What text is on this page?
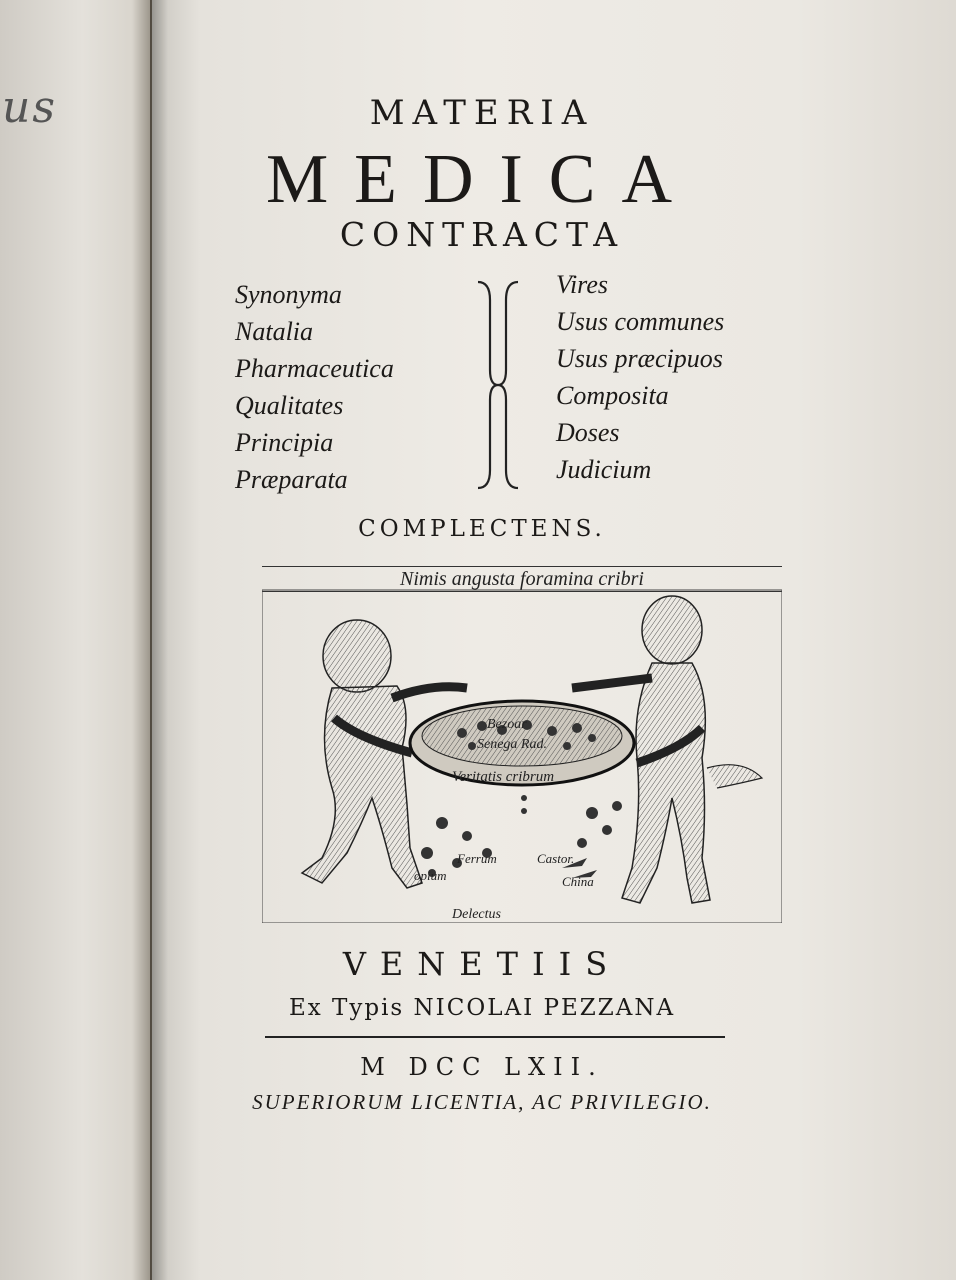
us	MATERIA
MEDICA
CONTRACTA
Synonyma
Natalia
Pharmaceutica
Qualitates
Principia
Præparata
Vires
Usus communes
Usus præcipuos
Composita
Doses
Judicium
COMPLECTENS.
Nimis angusta foramina cribri
Bezoar
Senega Rad.
Veritatis cribrum
Ferrum	Castor.
opium	China
Delectus
VENETIIS
Ex Typis NICOLAI PEZZANA
M DCC LXII.
SUPERIORUM LICENTIA, AC PRIVILEGIO.
